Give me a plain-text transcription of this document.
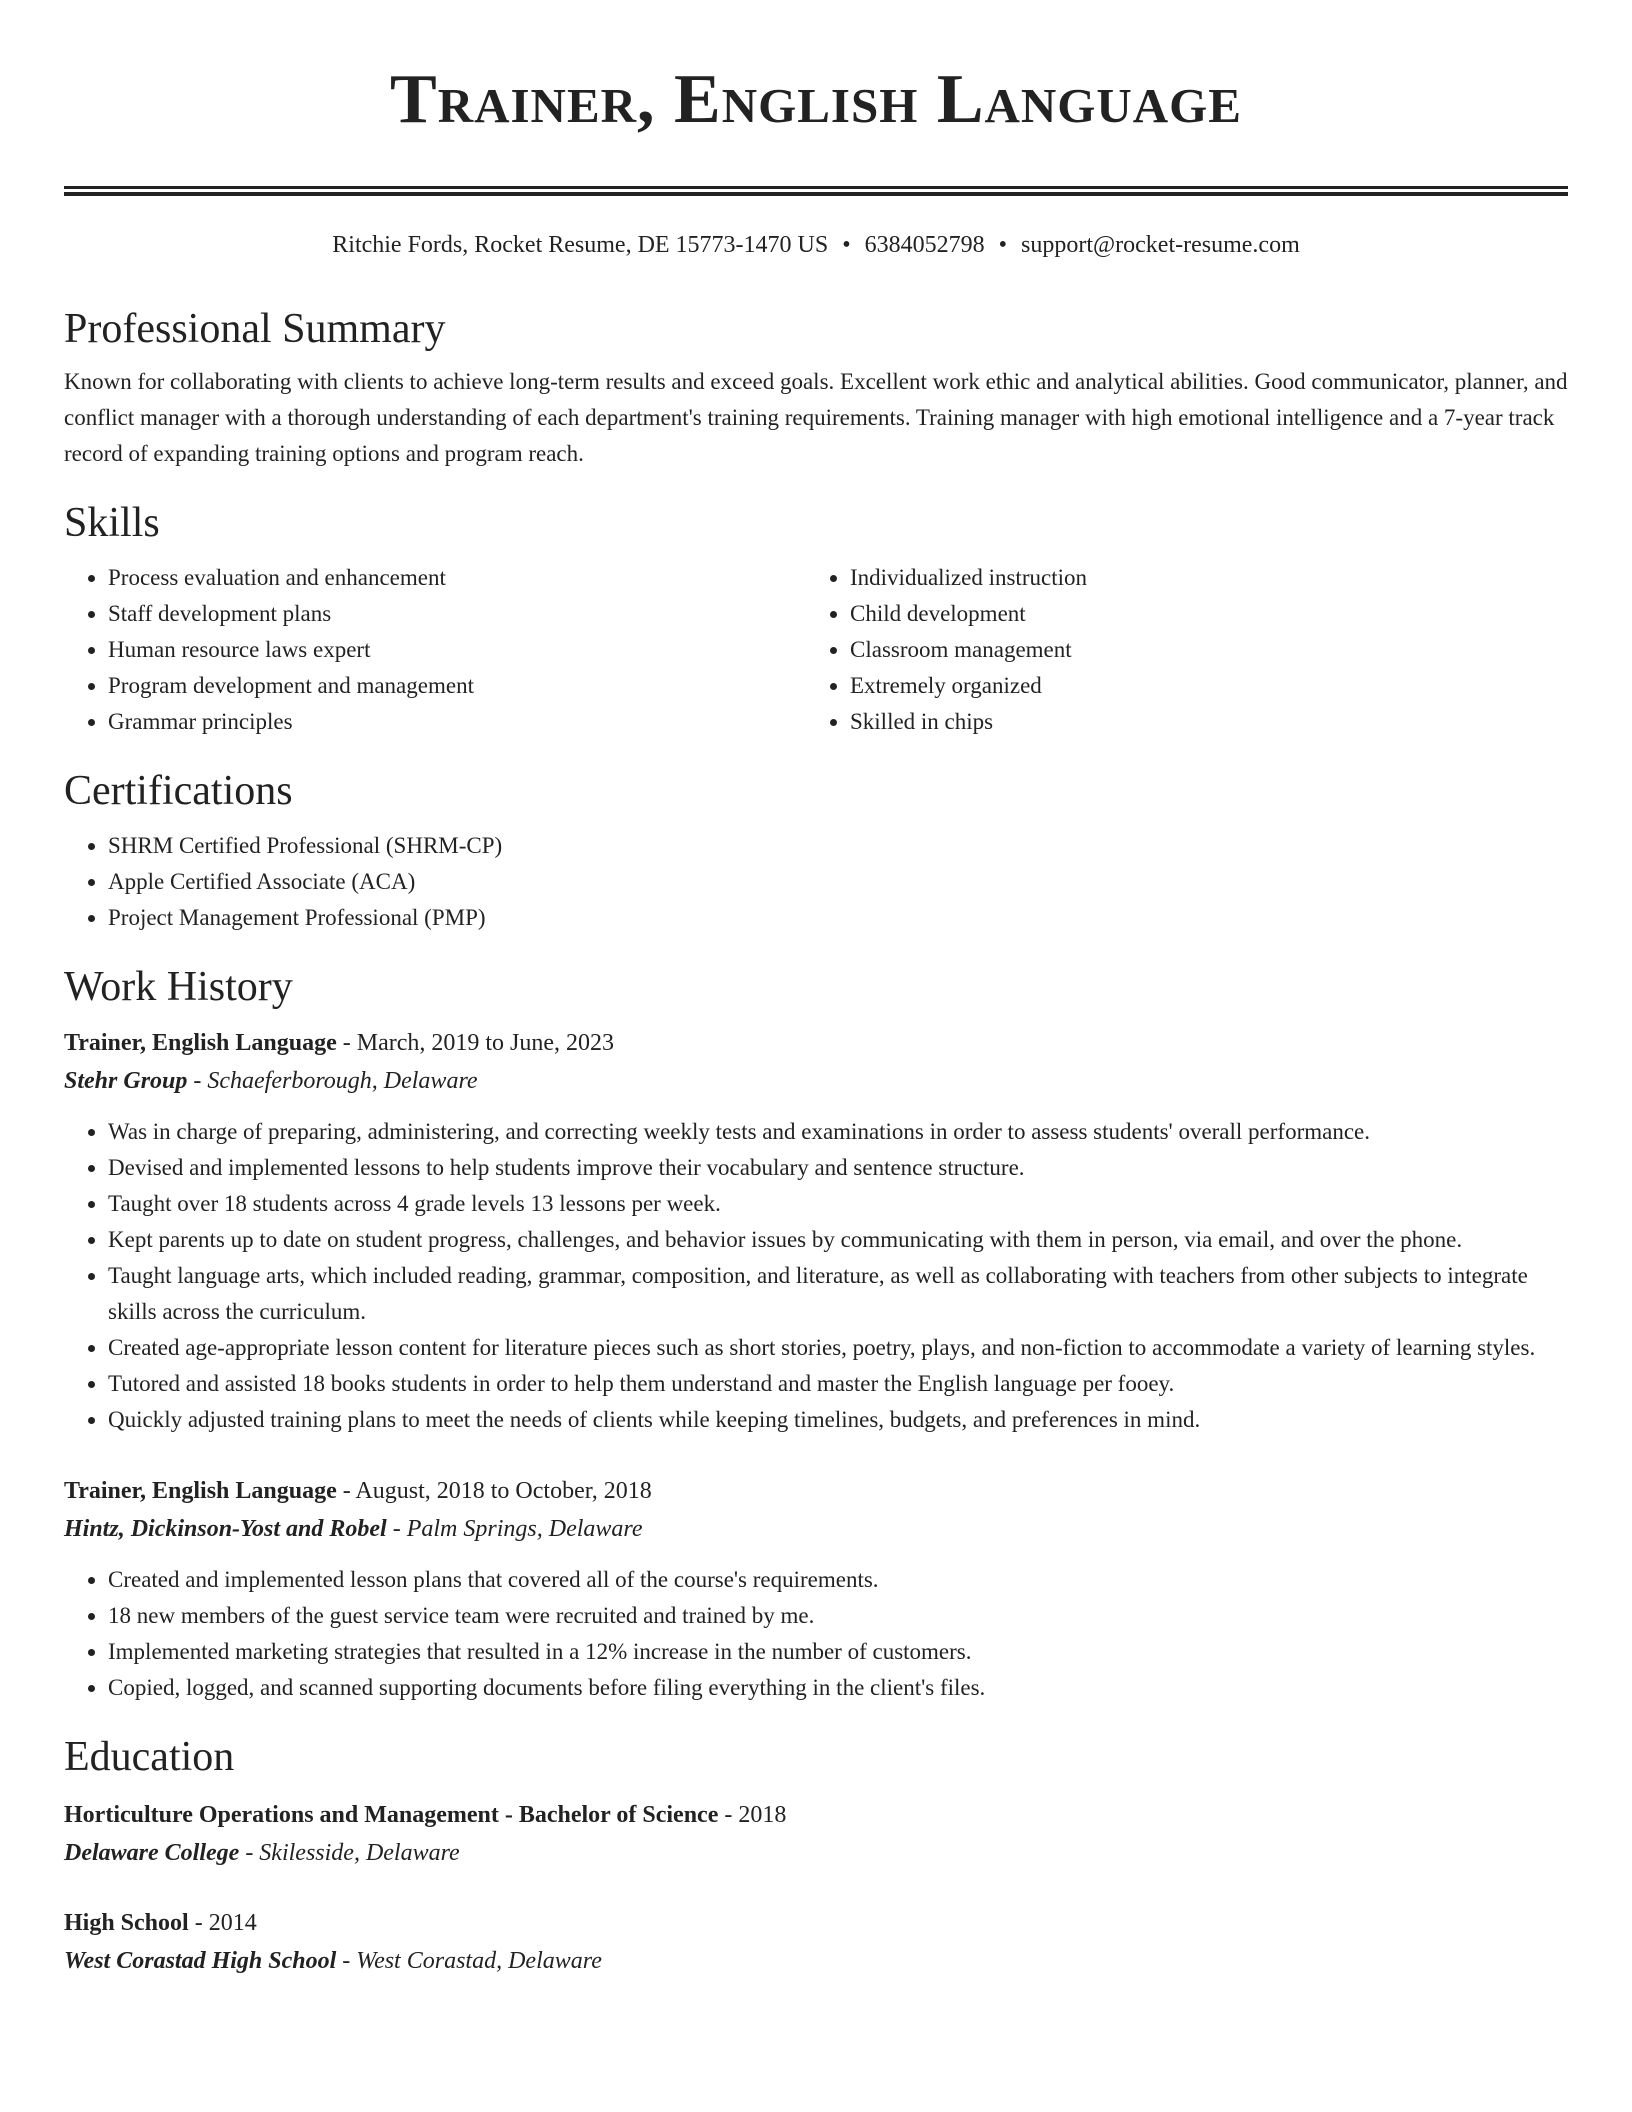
Trainer, English Language
Ritchie Fords, Rocket Resume, DE 15773-1470 US • 6384052798 • support@rocket-resume.com
Professional Summary
Known for collaborating with clients to achieve long-term results and exceed goals. Excellent work ethic and analytical abilities. Good communicator, planner, and conflict manager with a thorough understanding of each department's training requirements. Training manager with high emotional intelligence and a 7-year track record of expanding training options and program reach.
Skills
• Process evaluation and enhancement
• Staff development plans
• Human resource laws expert
• Program development and management
• Grammar principles
• Individualized instruction
• Child development
• Classroom management
• Extremely organized
• Skilled in chips
Certifications
• SHRM Certified Professional (SHRM-CP)
• Apple Certified Associate (ACA)
• Project Management Professional (PMP)
Work History
Trainer, English Language - March, 2019 to June, 2023
Stehr Group - Schaeferborough, Delaware
• Was in charge of preparing, administering, and correcting weekly tests and examinations in order to assess students' overall performance.
• Devised and implemented lessons to help students improve their vocabulary and sentence structure.
• Taught over 18 students across 4 grade levels 13 lessons per week.
• Kept parents up to date on student progress, challenges, and behavior issues by communicating with them in person, via email, and over the phone.
• Taught language arts, which included reading, grammar, composition, and literature, as well as collaborating with teachers from other subjects to integrate skills across the curriculum.
• Created age-appropriate lesson content for literature pieces such as short stories, poetry, plays, and non-fiction to accommodate a variety of learning styles.
• Tutored and assisted 18 books students in order to help them understand and master the English language per fooey.
• Quickly adjusted training plans to meet the needs of clients while keeping timelines, budgets, and preferences in mind.
Trainer, English Language - August, 2018 to October, 2018
Hintz, Dickinson-Yost and Robel - Palm Springs, Delaware
• Created and implemented lesson plans that covered all of the course's requirements.
• 18 new members of the guest service team were recruited and trained by me.
• Implemented marketing strategies that resulted in a 12% increase in the number of customers.
• Copied, logged, and scanned supporting documents before filing everything in the client's files.
Education
Horticulture Operations and Management - Bachelor of Science - 2018
Delaware College - Skilesside, Delaware
High School - 2014
West Corastad High School - West Corastad, Delaware
